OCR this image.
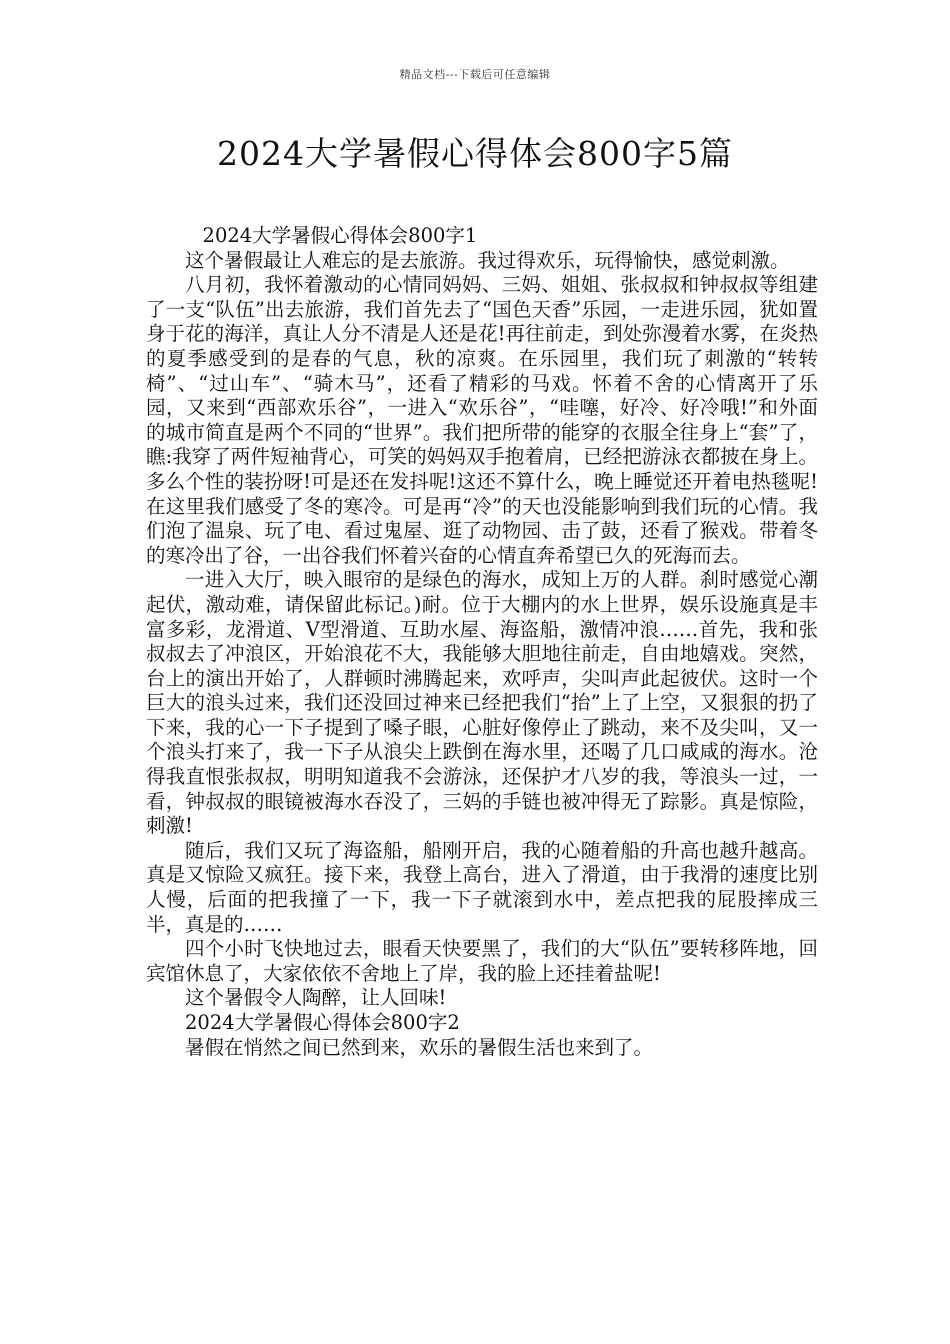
精品文档---下载后可任意编辑
2024大学暑假心得体会800字5篇

2024大学暑假心得体会800字1

这个暑假最让人难忘的是去旅游。我过得欢乐，玩得愉快，感觉刺激。

八月初，我怀着激动的心情同妈妈、三妈、姐姐、张叔叔和钟叔叔等组建了一支“队伍”出去旅游，我们首先去了“国色天香”乐园，一走进乐园，犹如置身于花的海洋，真让人分不清是人还是花!再往前走，到处弥漫着水雾，在炎热的夏季感受到的是春的气息，秋的凉爽。在乐园里，我们玩了刺激的“转转椅”、“过山车”、“骑木马”，还看了精彩的马戏。怀着不舍的心情离开了乐园，又来到“西部欢乐谷”，一进入“欢乐谷”，“哇噻，好冷、好冷哦!”和外面的城市简直是两个不同的“世界”。我们把所带的能穿的衣服全往身上“套”了，瞧:我穿了两件短袖背心，可笑的妈妈双手抱着肩，已经把游泳衣都披在身上。多么个性的装扮呀!可是还在发抖呢!这还不算什么，晚上睡觉还开着电热毯呢!在这里我们感受了冬的寒冷。可是再“冷”的天也没能影响到我们玩的心情。我们泡了温泉、玩了电、看过鬼屋、逛了动物园、击了鼓，还看了猴戏。带着冬的寒冷出了谷，一出谷我们怀着兴奋的心情直奔希望已久的死海而去。

一进入大厅，映入眼帘的是绿色的海水，成知上万的人群。刹时感觉心潮起伏，激动难，请保留此标记。)耐。位于大棚内的水上世界，娱乐设施真是丰富多彩，龙滑道、V型滑道、互助水屋、海盗船，激情冲浪……首先，我和张叔叔去了冲浪区，开始浪花不大，我能够大胆地往前走，自由地嬉戏。突然，台上的演出开始了，人群顿时沸腾起来，欢呼声，尖叫声此起彼伏。这时一个巨大的浪头过来，我们还没回过神来已经把我们“抬”上了上空，又狠狠的扔了下来，我的心一下子提到了嗓子眼，心脏好像停止了跳动，来不及尖叫，又一个浪头打来了，我一下子从浪尖上跌倒在海水里，还喝了几口咸咸的海水。沧得我直恨张叔叔，明明知道我不会游泳，还保护才八岁的我，等浪头一过，一看，钟叔叔的眼镜被海水吞没了，三妈的手链也被冲得无了踪影。真是惊险，刺激!

随后，我们又玩了海盗船，船刚开启，我的心随着船的升高也越升越高。真是又惊险又疯狂。接下来，我登上高台，进入了滑道，由于我滑的速度比别人慢，后面的把我撞了一下，我一下子就滚到水中，差点把我的屁股摔成三半，真是的……

四个小时飞快地过去，眼看天快要黑了，我们的大“队伍”要转移阵地，回宾馆休息了，大家依依不舍地上了岸，我的脸上还挂着盐呢!

这个暑假令人陶醉，让人回味!

2024大学暑假心得体会800字2

暑假在悄然之间已然到来，欢乐的暑假生活也来到了。
